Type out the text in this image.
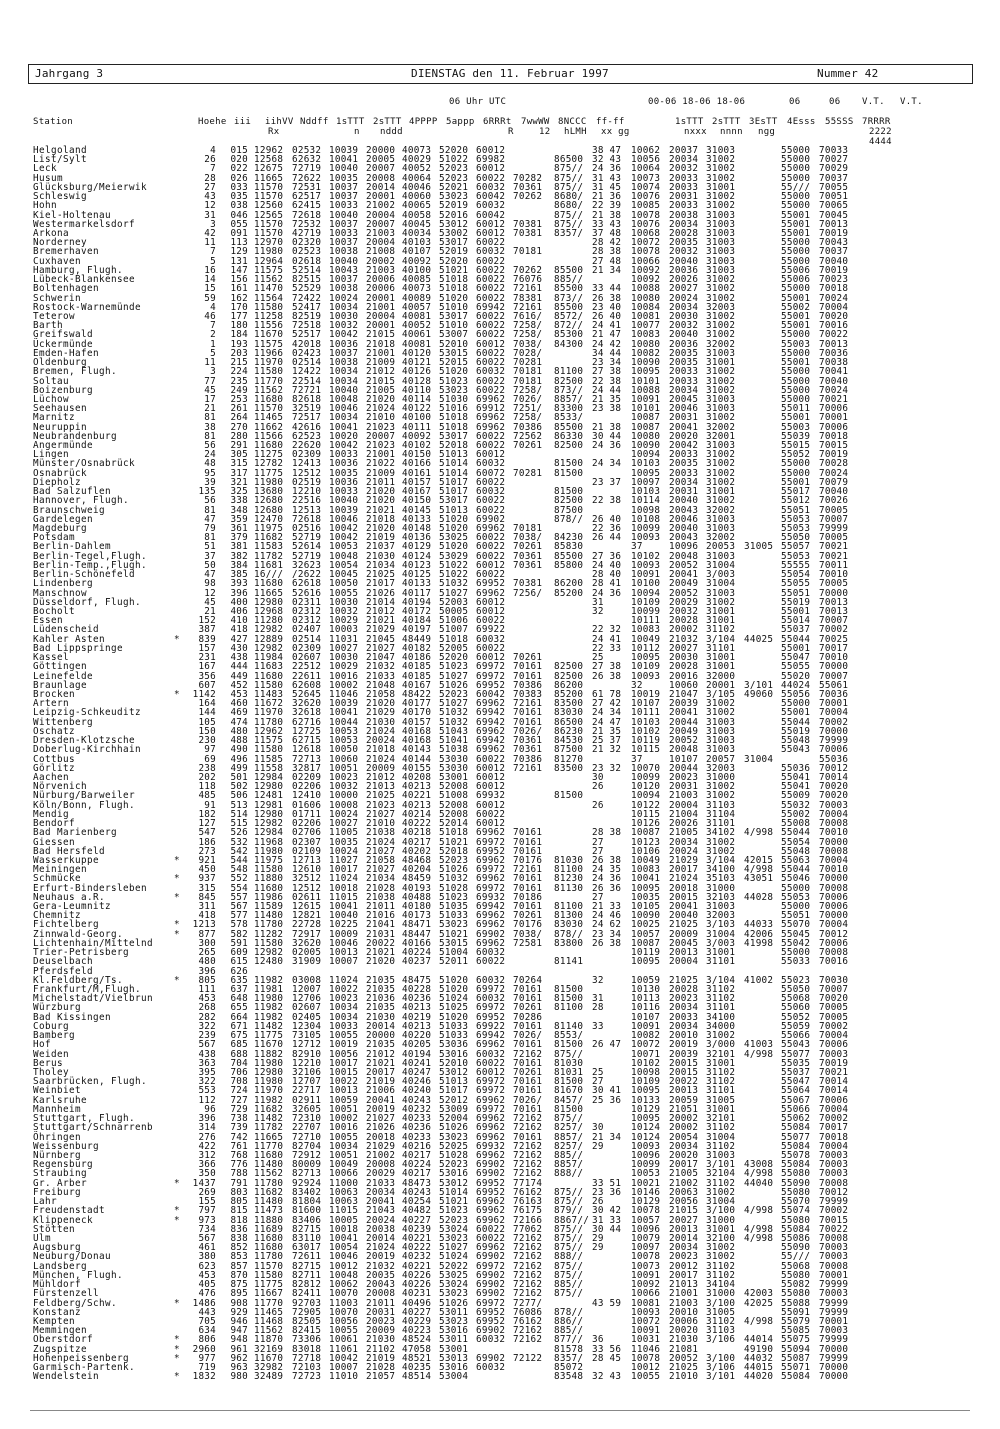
Jahrgang 3	DIENSTAG den 11. Februar 1997	Nummer 42
06 Uhr UTC	00-06 18-06 18-06	06	06 V.T. V.T.
Station	Hoehe iii iihVV Nddff 1sTTT 2sTTT 4PPPP 5appp 6RRRt 7wwWW 8NCCC ff-ff	1sTTT 2sTTT 3EsTT 4Esss 55SSS 7RRRR
Rx	n nddd	R	12 hLMH xx gg	nxxx nnnn ngg	2222
4444
Helgoland	4	015 12962 02532 10039 20000 40073 52020 60012	38 47	10062 20037 31003	55000 70033
List/Sylt	26	020 12568 62632 10041 20005 40029 51022 69982	86500 32 43	10056 20034 31002	55000 70027
Leck	7	022 12675 72719 10040 20007 40052 52023 60012	875// 24 36	10064 20032 31002	55000 70029
Husum	28	026 11665 72622 10035 20008 40064 52023 60022 70282	875// 31 43	10073 20033 31002	55000 70037
Glücksburg/Meierwik	27	033 11570 72531 10037 20014 40046 52021 60032 70361	875// 31 45	10074 20033 31001	55/// 70055
Schleswig	43	035 11570 62517 10037 20001 40060 53023 60042 70262	8680/ 21 36	10076 20031 31002	55000 70051
Hohn	12	038 12560 62415 10033 21002 40065 52019 60032	8680/ 22 39	10085 20033 31002	55000 70065
Kiel-Holtenau	31	046 12565 72618 10040 20004 40058 52016 60042	875// 21 38	10078 20038 31003	55001 70045
Westermarkelsdorf	3	055 11570 72532 10037 20007 40045 53012 60012 70381	875// 33 43	10076 20034 31003	55001 70013
Arkona	42	091 11570 42719 10033 21003 40034 53002 60012 70381	8357/ 37 48	10068 20028 31003	55001 70019
Norderney	11	113 12970 02320 10037 20004 40103 53017 60022	28 42	10072 20035 31003	55000 70043
Bremerhaven	7	129 11980 02523 10038 21008 40107 52019 60032 70181	28 38	10078 20032 31003	55000 70037
Cuxhaven	5	131 12964 02618 10040 20002 40092 52020 60022	27 48	10066 20040 31003	55000 70040
Hamburg, Flugh.	16	147 11575 52514 10043 21003 40100 51021 60022 70262	85500 21 34	10092 20036 31003	55006 70019
Lübeck-Blankensee	14	156 11562 82515 10037 20006 40085 51018 60022 76076	885//	10092 20026 31002	55006 70023
Boltenhagen	15	161 11470 52529 10038 20006 40073 51018 60022 72161	85500 33 44	10088 20027 31002	55000 70018
Schwerin	59	162 11564 72422 10024 20001 40089 51020 60022 78381	873// 26 38	10080 20024 31002	55001 70024
Rostock-Warnemünde	4	170 11580 52417 10034 21001 40057 51010 69942 72161	85500 23 40	10084 20034 32003	55002 70004
Teterow	46	177 11258 82519 10030 20004 40081 53017 60022 7616/	8572/ 26 40	10081 20030 31002	55001 70020
Barth	7	180 11556 72518 10032 20001 40052 51010 60022 7258/	872// 24 41	10077 20032 31002	55001 70016
Greifswald	2	184 11670 52517 10042 21015 40061 53007 60022 7258/	85300 21 47	10083 20040 31002	55000 70022
Ückermünde	1	193 11575 42018 10036 21018 40081 52010 60012 7038/	84300 24 42	10080 20036 32002	55003 70013
Emden-Hafen	5	203 11966 02423 10037 21001 40120 53015 60022 7028/	34 44	10082 20035 31003	55000 70036
Oldenburg	11	215 11970 02514 10038 21009 40121 52015 60022 70281	23 34	10090 20035 31001	55001 70038
Bremen, Flugh.	3	224 11580 12422 10034 21012 40126 51020 60032 70181	81100 27 38	10095 20033 31002	55000 70041
Soltau	77	235 11770 22514 10034 21015 40128 51023 60022 70181	82500 22 38	10101 20033 31002	55000 70040
Boizenburg	45	249 11562 72721 10040 21005 40110 53023 60022 7258/	873// 24 44	10088 20034 31002	55000 70024
Lüchow	17	253 11680 82618 10048 21020 40114 51030 69962 7026/	8857/ 21 35	10091 20045 31003	55000 70021
Seehausen	21	261 11570 32519 10046 21024 40122 51016 69912 7251/	83300 23 38	10101 20046 31003	55011 70006
Marnitz	81	264 11465 72517 10034 21010 40100 51018 69962 7258/	8533/	10087 20031 31002	55001 70001
Neuruppin	38	270 11662 42616 10041 21023 40111 51018 69962 70386	85500 21 38	10087 20041 32002	55003 70006
Neubrandenburg	81	280 11566 62523 10020 20007 40092 53017 60022 72562	86330 30 44	10080 20020 32001	55039 70018
Angermünde	56	291 11680 22620 10042 21023 40102 52018 60022 70261	82500 24 36	10090 20042 31003	55015 70015
Lingen	24	305 11275 02309 10033 21001 40150 51013 60012	10094 20033 31002	55052 70019
Münster/Osnabrück	48	315 12782 12413 10036 21022 40166 51014 60032	81500 24 34	10103 20035 31002	55000 70028
Osnabrück	95	317 11775 12512 10035 21009 40161 51014 60072 70281	81500	10095 20033 31002	55000 70024
Diepholz	39	321 11980 02519 10036 21011 40157 51017 60022	23 37	10097 20034 31002	55001 70079
Bad Salzuflen	135	325 13680 12210 10033 21020 40167 51017 60032	81500	10103 20031 31001	55017 70040
Hannover, Flugh.	56	338 12680 22516 10040 21020 40150 53017 60022	82500 22 38	10114 20040 31002	55012 70026
Braunschweig	81	348 12680 12513 10039 21021 40145 51013 60022	87500	10098 20043 32002	55051 70005
Gardelegen	47	359 12470 72618 10046 21018 40133 51020 69902	878// 26 40	10108 20046 31003	55053 70007
Magdeburg	79	361 11975 02516 10042 21020 40148 51020 69962 70181	22 36	10099 20040 31003	55053 79999
Potsdam	81	379 11682 52719 10042 21019 40136 53025 60022 7038/	84230 26 44	10093 20043 32002	55050 70005
Berlin-Dahlem	51	381 11583 52614 10053 21037 40129 51020 60022 70261	85830	37	10096 20053 31005 55057 70021
Berlin-Tegel,Flugh.	37	382 11782 52719 10048 21030 40124 53029 60022 70361	85500 27 36	10102 20048 31003	55053 70021
Berlin-Temp.,Flugh.	50	384 11681 32623 10054 21034 40123 51022 60012 70361	85800 24 40	10093 20052 31004	55555 70011
Berlin-Schönefeld	47	385 16/// /2622 10045 21025 40125 51022 60022	28 40	10091 20041 3/003	55054 70010
Lindenberg	98	393 11680 62618 10050 21017 40133 51032 69952 70381	86200 28 41	10100 20049 31004	55055 70005
Manschnow	12	396 11665 52616 10055 21026 40117 51027 69962 7256/	85200 24 36	10094 20052 31003	55051 70000
Düsseldorf, Flugh.	45	400 12980 02311 10030 21014 40194 52003 60012	31	10109 20029 31002	55019 70013
Bocholt	21	406 12968 02312 10032 21012 40172 50005 60012	32	10099 20032 31001	55001 70013
Essen	152	410 11280 02312 10029 21021 40184 51006 60022	10111 20028 31001	55014 70007
Lüdenscheid	387	418 12982 02407 10003 21029 40197 51007 69922	22 32	10083 20002 31102	55037 70002
Kahler Asten	*	839	427 12889 02514 11031 21045 48449 51018 60032	24 41	10049 21032 3/104 44025 55044 70025
Bad Lippspringe	157	430 12982 02309 10027 21027 40182 52005 60022	22 33	10112 20027 31101	55001 70017
Kassel	231	438 11984 02607 10030 21047 40186 52020 60012 70261	25	10095 20030 31001	55047 70010
Göttingen	167	444 11683 22512 10029 21032 40185 51023 69972 70161	82500 27 38	10109 20028 31001	55055 70000
Leinefelde	356	449 11680 22611 10016 21033 40185 51027 69972 70161	82500 26 38	10093 20016 32000	55020 70007
Braunlage	607	452 11580 62608 10002 21048 40167 51026 69952 70386	86200	32	10060 20001 3/101 44024 55061
Brocken	*	1142	453 11483 52645 11046 21058 48422 52023 60042 70383	85200 61 78	10019 21047 3/105 49060 55056 70036
Artern	164	460 11672 32620 10039 21020 40177 51027 69962 72161	83500 27 42	10107 20039 31002	55000 70001
Leipzig-Schkeuditz	144	469 11970 32618 10041 21029 40170 51032 69942 70161	83030 24 34	10111 20041 31002	55001 70004
Wittenberg	105	474 11780 62716 10044 21030 40157 51032 69942 70161	86500 24 47	10103 20044 31003	55044 70002
Oschatz	150	480 12962 12725 10053 21024 40168 51043 69962 7026/	86230 21 35	10102 20049 31003	55019 70000
Dresden-Klotzsche	230	488 11575 62715 10053 20024 40168 51041 69942 70361	84530 25 37	10119 20052 31003	55048 79999
Doberlug-Kirchhain	97	490 11580 12618 10050 21018 40143 51038 69962 70361	87500 21 32	10115 20048 31003	55043 70006
Cottbus	69	496 11585 72713 10060 21024 40144 53030 60022 70386	81270	37	10107 20057 31004	55036
Görlitz	238	499 11558 32817 10051 20009 40155 53030 60012 72161	83500 23 32	10070 20044 32003	55036 70012
Aachen	202	501 12984 02209 10023 21012 40208 53001 60012	30	10099 20023 31000	55041 70014
Nörvenich	118	502 12980 02206 10032 21013 40213 52008 60012	26	10120 20031 31002	55041 70020
Nürburg/Barweiler	485	506 12481 12410 10000 21025 40221 51008 69932	81500	10094 21003 31002	55009 70020
Köln/Bonn, Flugh.	91	513 12981 01606 10008 21023 40213 52008 60012	26	10122 20004 31103	55032 70003
Mendig	182	514 12980 01711 10024 21027 40214 52008 60022	10115 21004 31104	55002 70004
Bendorf	127	515 12982 02206 10027 21010 40222 52014 60012	10126 20026 31101	55008 70008
Bad Marienberg	547	526 12984 02706 11005 21038 40218 51018 69962 70161	28 38	10087 21005 34102 4/998 55044 70010
Giessen	186	532 11968 02307 10035 21024 40217 51021 69972 70161	27	10123 20034 31002	55054 70000
Bad Hersfeld	273	542 11980 02109 10024 21027 40202 52018 69952 70161	27	10106 20024 31002	55048 70008
Wasserkuppe	*	921	544 11975 12713 11027 21058 48468 52023 69962 70176	81030 26 38	10049 21029 3/104 42015 55063 70004
Meiningen	450	548 11580 12610 10017 21027 40204 51026 69972 72161	81100 24 35	10083 20017 34100 4/998 55044 70010
Schmücke	*	937	552 11880 32512 11024 21034 48459 51032 69962 70161	81230 24 36	10041 21024 35103 43051 55046 70000
Erfurt-Bindersleben	315	554 11680 12512 10018 21028 40193 51028 69972 70161	81130 26 36	10095 20018 31000	55000 70008
Neuhaus a.R.	*	845	557 11986 02611 11015 21038 40488 51023 69932 70186	27	10035 20015 32103 44028 55053 70006
Gera-Leumnitz	311	567 11589 12615 10041 21011 40180 51035 69942 70161	81100 21 33	10105 20041 31003	55000 70006
Chemnitz	418	577 11480 12821 10040 21016 40173 51033 69962 70261	81300 24 46	10090 20040 32003	55051 70000
Fichtelberg	*	1213	578 11780 22728 10225 21041 48471 53023 69962 70176	83030 24 62	10025 21025 3/103 44033 55070 70004
Zinnwald-Georg.	*	877	582 11282 72917 10009 21031 48447 51021 69902 7038/	878// 23 34	10057 20009 31004 42006 55045 70012
Lichtenhain/Mittelnd	300	591 11580 32620 10046 20022 40166 53015 69962 72581	83800 26 38	10087 20045 3/003 41998 55042 70006
Trier-Petrisberg	265	609 12982 02005 10013 21021 40224 51004 60032	10119 20013 31001	55000 70008
Deuselbach	480	615 12480 31909 10007 21020 40237 52011 60022	81141	10095 20004 31101	55033 70016
Pferdsfeld	396	626
Kl.Feldberg/Ts.	*	805	635 11982 03008 11024 21035 48475 51020 60032 70264	32	10059 21025 3/104 41002 55023 70030
Frankfurt/M,Flugh.	111	637 11981 12007 10022 21035 40228 51020 69972 70161	81500	10130 20028 31102	55050 70007
Michelstadt/Vielbrun	453	648 11980 12706 10023 21036 40236 51024 60032 70161	81500 31	10113 20023 31102	55068 70020
Würzburg	268	655 11982 02607 10034 21035 40213 51025 69972 70261	81100 28	10116 20034 31101	55060 70005
Bad Kissingen	282	664 11982 02405 10034 21030 40219 51020 69952 70286	10107 20033 34100	55052 70005
Coburg	322	671 11482 12304 10033 20014 40213 51033 69922 70161	81140 33	10091 20034 34000	55059 70002
Bamberg	239	675 11775 73105 10055 20000 40220 51033 69942 7026/	8553/	10082 20010 31002	55066 70004
Hof	567	685 11670 12712 10019 21035 40205 53036 69962 70161	81500 26 47	10072 20019 3/000 41003 55043 70006
Weiden	438	688 11882 82910 10056 21012 40194 53016 60032 72162	875//	10071 20039 32101 4/998 55077 70003
Berus	363	704 11980 12210 10017 21021 40241 52010 60022 70161	81030	10102 20015 31001	55035 70019
Tholey	395	706 12980 32106 10015 20017 40247 53012 60012 70261	81031 25	10098 20015 31102	55037 70021
Saarbrücken, Flugh.	322	708 11980 12707 10022 21019 40246 51013 69972 70161	81500 27	10109 20022 31102	55047 70014
Weinbiet	553	724 11970 22717 10013 21006 40240 51017 69972 70161	81670 30 41	10095 20013 31101	55064 70014
Karlsruhe	112	727 11982 02911 10059 20041 40243 52012 69962 7026/	8457/ 25 36	10133 20059 31005	55067 70006
Mannheim	96	729 11682 32605 10051 20019 40232 53009 69972 70161	81500	10129 21051 31001	55066 70004
Stuttgart, Flugh.	396	738 11482 72310 10002 21027 40233 52004 69962 72162	875//	10095 20002 32101	55062 70002
Stuttgart/Schnarrenb	314	739 11782 22707 10016 21026 40236 51026 69962 72162	8257/ 30	10124 20002 31102	55084 70017
Öhringen	276	742 11665 72710 10055 20018 40233 53023 69962 70161	8857/ 21 34	10124 20054 31004	55077 70018
Weissenburg	422	761 11770 82704 10034 21029 40216 52025 69932 72162	8257/ 29	10093 20034 31102	55084 70004
Nürnberg	312	768 11680 72912 10051 21002 40217 51028 69962 72162	885//	10096 20020 31003	55078 70003
Regensburg	366	776 11480 80009 10049 20008 40224 52023 69902 72162	8857/	10099 20017 3/101 43008 55084 70003
Straubing	350	788 11562 82713 10066 20029 40217 53016 69902 72162	888//	10053 21005 32104 4/998 55080 70003
Gr. Arber	*	1437	791 11780 92924 11000 21033 48473 53012 69952 77174	33 51	10021 21002 31102 44040 55090 70008
Freiburg	269	803 11682 83402 10063 20034 40243 51014 69952 76162	875// 23 36	10146 20063 31002	55080 70012
Lahr	155	805 11480 81804 10063 20041 40254 51021 69962 76163	875// 26	10129 20056 31004	55070 79999
Freudenstadt	*	797	815 11473 81600 11015 21043 40482 51023 69962 76175	879// 30 42	10078 21015 3/100 4/998 55074 70002
Klippeneck	*	973	818 11880 83406 10005 20024 40227 52023 69962 72166	8867// 31 33	10057 20027 31000	55080 70015
Stötten	734	836 11689 82715 10018 20038 40239 53024 60022 77062	875// 30 44	10096 20013 31001 4/998 55084 70022
Ulm	567	838 11680 83110 10041 20014 40221 53023 60022 72162	875// 29	10079 20014 32100 4/998 55086 70008
Augsburg	461	852 11680 63017 10054 21024 40222 51027 69962 72162	875// 29	10097 20034 31002	55090 70003
Neuburg/Donau	380	853 11780 72611 10046 20019 40232 51024 69902 72162	888//	10078 20023 31002	55/// 70003
Landsberg	623	857 11570 82715 10012 21032 40221 52022 69972 72162	875//	10073 20012 31102	55068 70008
München, Flugh.	453	870 11580 82711 10048 20035 40226 53025 69902 72162	875//	10091 20017 31102	55080 70001
Mühldorf	405	875 11775 82812 10062 20043 40226 53024 69902 72162	885//	10092 21013 34104	55082 79999
Fürstenzell	476	895 11667 82411 10070 20008 40231 53023 69902 72162	875//	10066 21001 31000 42003 55080 70003
Feldberg/Schw.	*	1486	908 11770 92703 11003 21011 40496 51026 69972 7277/	43 59	10081 21003 3/100 42025 55088 79999
Konstanz	443	929 11465 72905 10070 20031 40227 53011 69952 76086	878//	10093 20010 31005	55091 79999
Kempten	705	946 11468 82505 10056 20023 40229 53023 69952 76162	886//	10072 20006 31102 4/998 55079 70001
Memmingen	634	947 11562 82415 10055 20009 40223 53016 69902 72162	885//	10091 20020 31103	55085 70003
Oberstdorf	*	806	948 11870 73306 10061 21030 48524 53011 60032 72162	877// 36	10031 21030 3/106 44014 55075 79999
Zugspitze	*	2960	961 32169 83018 11061 21102 47058 53001	81578 33 56	11046 21081	49190 55094 70000
Hohenpeissenberg	*	977	962 11670 72718 10042 21019 48521 53013 69902 72122	8357/ 28 45	10078 20052 3/100 44032 55087 79999
Garmisch-Partenk.	719	963 32982 72103 10007 21028 40235 53016 60032	85072	10012 21025 3/106 44015 55071 70000
Wendelstein	*	1832	980 32489 72723 11010 21057 48514 53004	83548 32 43	10055 21010 3/101 44020 55084 70000
